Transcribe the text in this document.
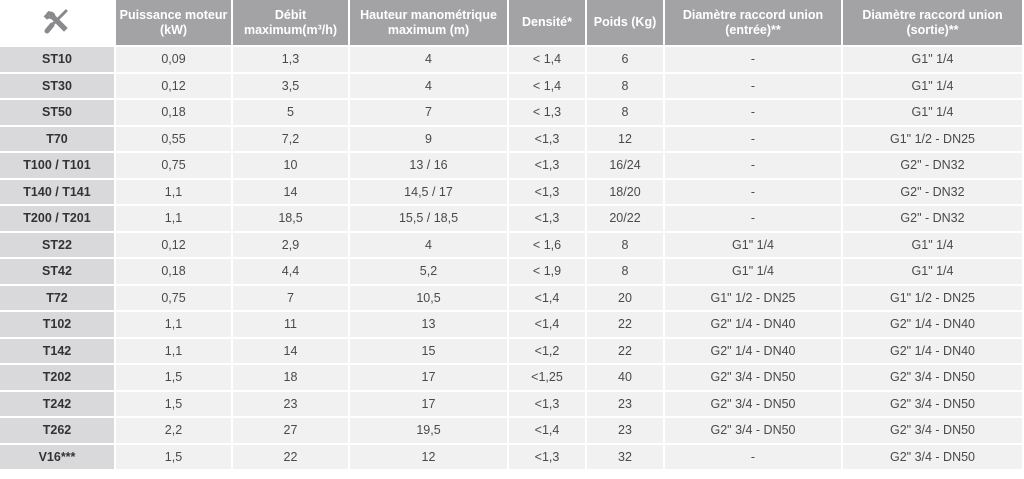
	Puissance moteur (kW)	Débit maximum(m³/h)	Hauteur manométrique maximum (m)	Densité*	Poids (Kg)	Diamètre raccord union (entrée)**	Diamètre raccord union (sortie)**
ST10	0,09	1,3	4	< 1,4	6	-	G1" 1/4
ST30	0,12	3,5	4	< 1,4	8	-	G1" 1/4
ST50	0,18	5	7	< 1,3	8	-	G1" 1/4
T70	0,55	7,2	9	<1,3	12	-	G1" 1/2 - DN25
T100 / T101	0,75	10	13 / 16	<1,3	16/24	-	G2" - DN32
T140 / T141	1,1	14	14,5 / 17	<1,3	18/20	-	G2" - DN32
T200 / T201	1,1	18,5	15,5 / 18,5	<1,3	20/22	-	G2" - DN32
ST22	0,12	2,9	4	< 1,6	8	G1" 1/4	G1" 1/4
ST42	0,18	4,4	5,2	< 1,9	8	G1" 1/4	G1" 1/4
T72	0,75	7	10,5	<1,4	20	G1" 1/2 - DN25	G1" 1/2 - DN25
T102	1,1	11	13	<1,4	22	G2" 1/4 - DN40	G2" 1/4 - DN40
T142	1,1	14	15	<1,2	22	G2" 1/4 - DN40	G2" 1/4 - DN40
T202	1,5	18	17	<1,25	40	G2" 3/4 - DN50	G2" 3/4 - DN50
T242	1,5	23	17	<1,3	23	G2" 3/4 - DN50	G2" 3/4 - DN50
T262	2,2	27	19,5	<1,4	23	G2" 3/4 - DN50	G2" 3/4 - DN50
V16***	1,5	22	12	<1,3	32	-	G2" 3/4 - DN50
